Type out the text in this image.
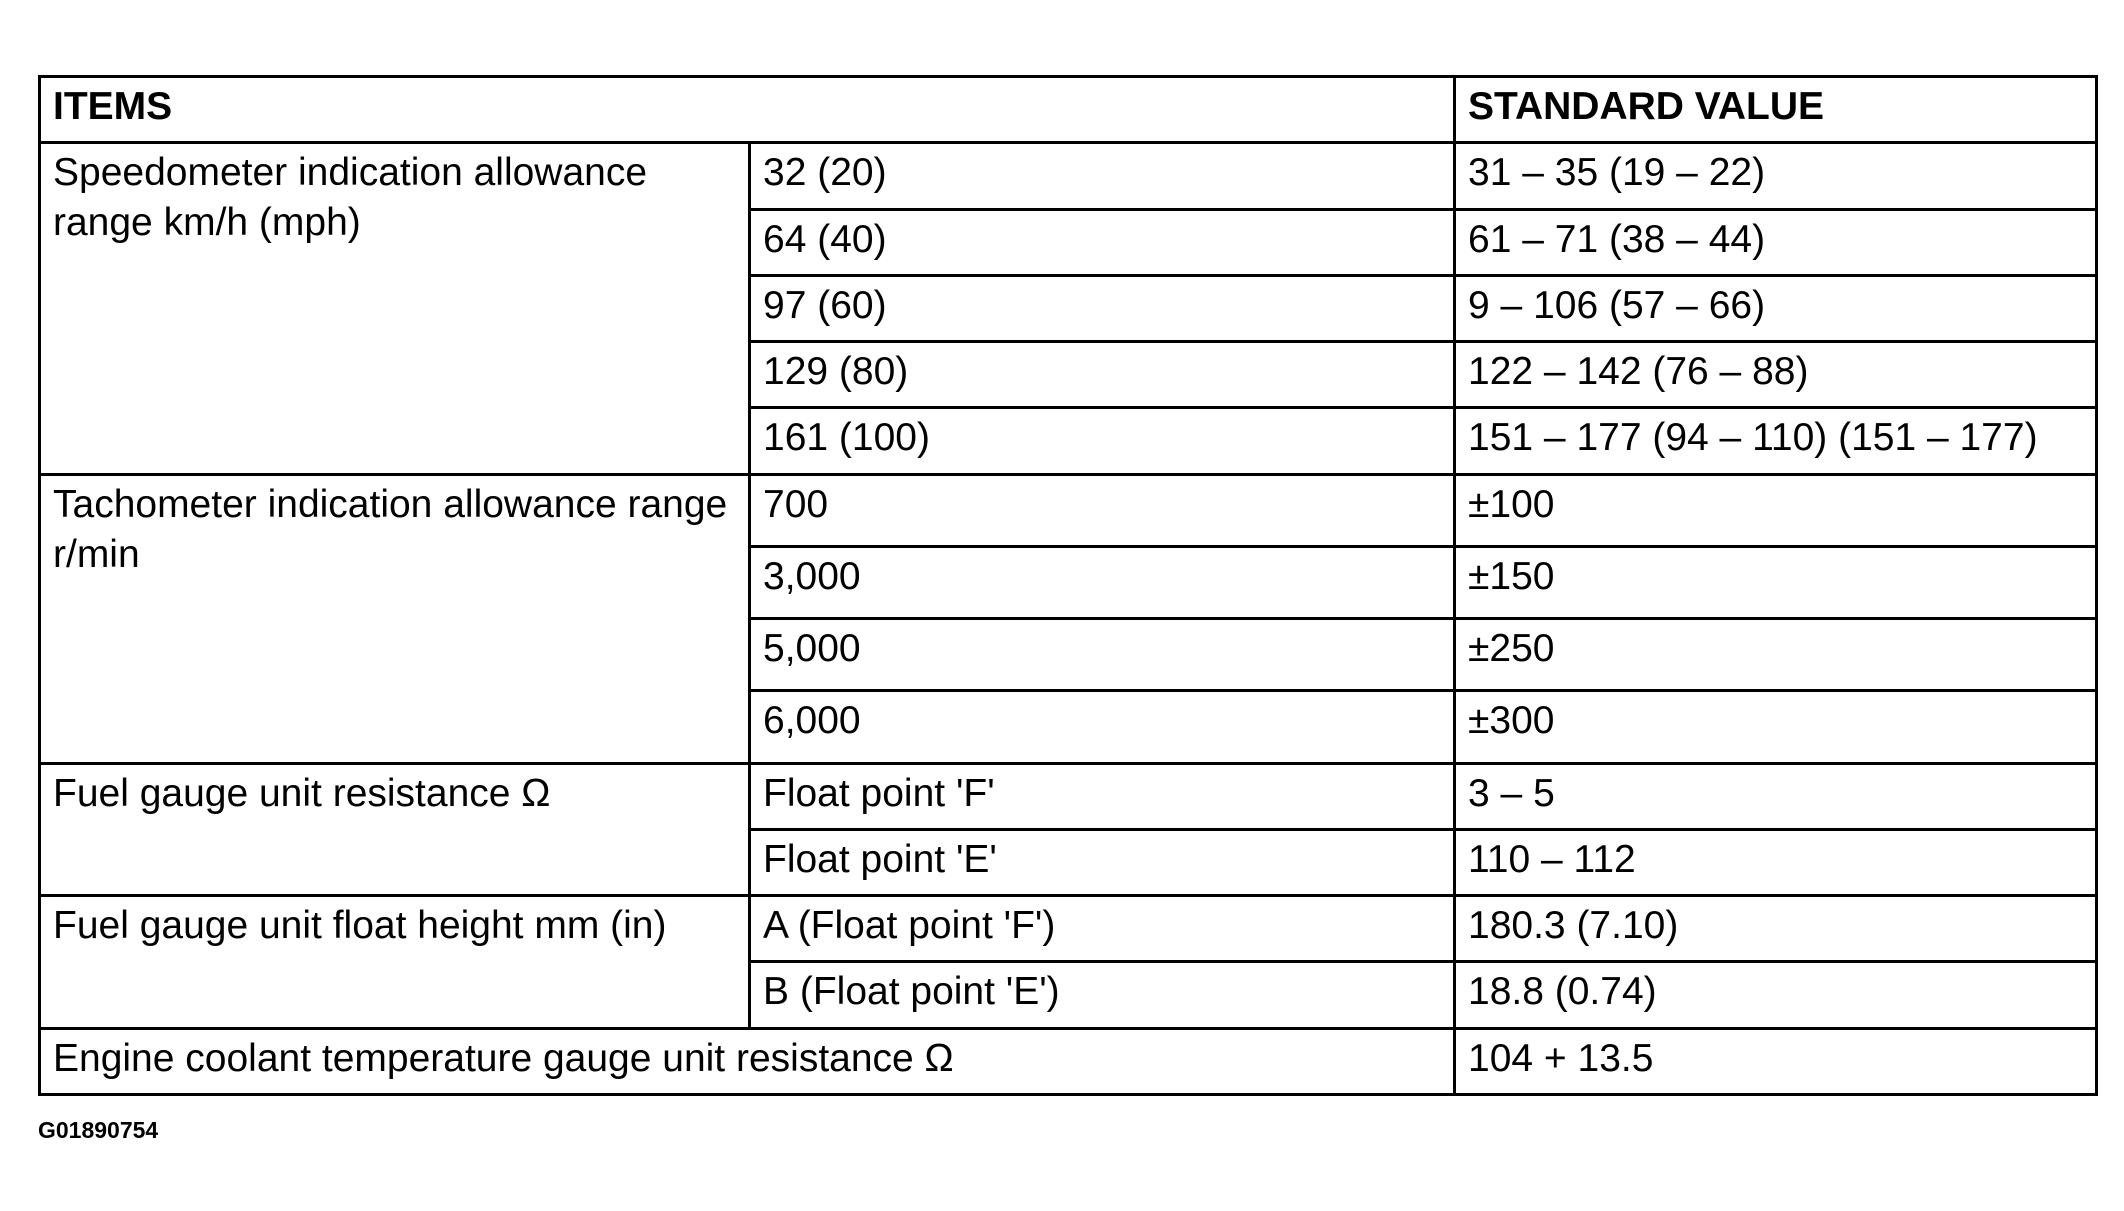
ITEMS		STANDARD VALUE
Speedometer indication allowance range km/h (mph)	32 (20)	31 – 35 (19 – 22)
	64 (40)	61 – 71 (38 – 44)
	97 (60)	9 – 106 (57 – 66)
	129 (80)	122 – 142 (76 – 88)
	161 (100)	151 – 177 (94 – 110) (151 – 177)
Tachometer indication allowance range r/min	700	±100
	3,000	±150
	5,000	±250
	6,000	±300
Fuel gauge unit resistance Ω	Float point 'F'	3 – 5
	Float point 'E'	110 – 112
Fuel gauge unit float height mm (in)	A (Float point 'F')	180.3 (7.10)
	B (Float point 'E')	18.8 (0.74)
Engine coolant temperature gauge unit resistance Ω		104 + 13.5
G01890754
